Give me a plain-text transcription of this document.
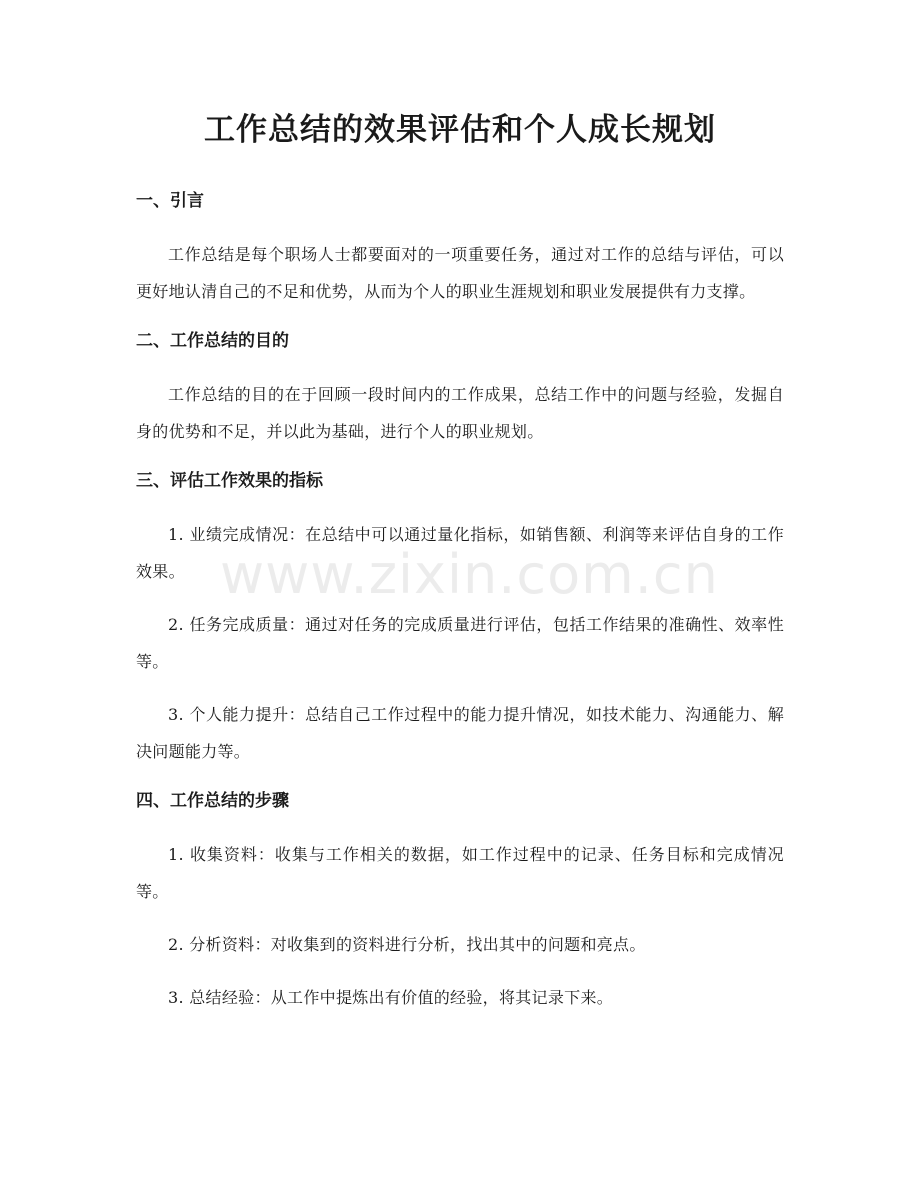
工作总结的效果评估和个人成长规划
一、引言

工作总结是每个职场人士都要面对的一项重要任务，通过对工作的总结与评估，可以更好地认清自己的不足和优势，从而为个人的职业生涯规划和职业发展提供有力支撑。

二、工作总结的目的

工作总结的目的在于回顾一段时间内的工作成果，总结工作中的问题与经验，发掘自身的优势和不足，并以此为基础，进行个人的职业规划。

三、评估工作效果的指标

1. 业绩完成情况：在总结中可以通过量化指标，如销售额、利润等来评估自身的工作效果。

2. 任务完成质量：通过对任务的完成质量进行评估，包括工作结果的准确性、效率性等。

3. 个人能力提升：总结自己工作过程中的能力提升情况，如技术能力、沟通能力、解决问题能力等。

四、工作总结的步骤

1. 收集资料：收集与工作相关的数据，如工作过程中的记录、任务目标和完成情况等。

2. 分析资料：对收集到的资料进行分析，找出其中的问题和亮点。

3. 总结经验：从工作中提炼出有价值的经验，将其记录下来。

www.zixin.com.cn
